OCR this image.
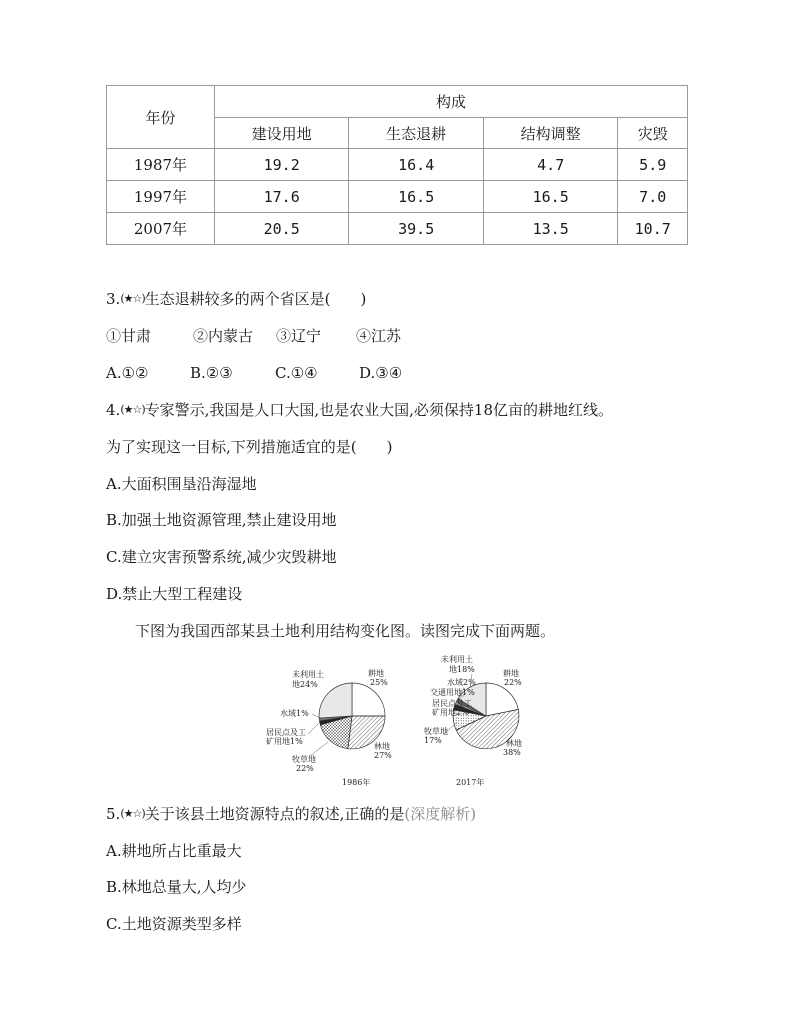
年份	构成			
	建设用地	生态退耕	结构调整	灾毁
1987年	19.2	16.4	4.7	5.9
1997年	17.6	16.5	16.5	7.0
2007年	20.5	39.5	13.5	10.7
3.(★☆)生态退耕较多的两个省区是(　　)
①甘肃	②内蒙古 ③辽宁 ④江苏
A.①②	B.②③	C.①④	D.③④
4.(★☆)专家警示,我国是人口大国,也是农业大国,必须保持18亿亩的耕地红线。
为了实现这一目标,下列措施适宜的是(　　)
A.大面积围垦沿海湿地
B.加强土地资源管理,禁止建设用地
C.建立灾害预警系统,减少灾毁耕地
D.禁止大型工程建设
下图为我国西部某县土地利用结构变化图。读图完成下面两题。
未利用土
地24%
耕地
25%
水域1%
居民点及工
矿用地1%
牧草地
22%
林地
27%
1986年
未利用土
地18%	耕地
22%
水域2%
交通用地1%
居民点及工
矿用地2%
牧草地
17%	林地
38%
2017年
5.(★☆)关于该县土地资源特点的叙述,正确的是(深度解析)
A.耕地所占比重最大
B.林地总量大,人均少
C.土地资源类型多样
